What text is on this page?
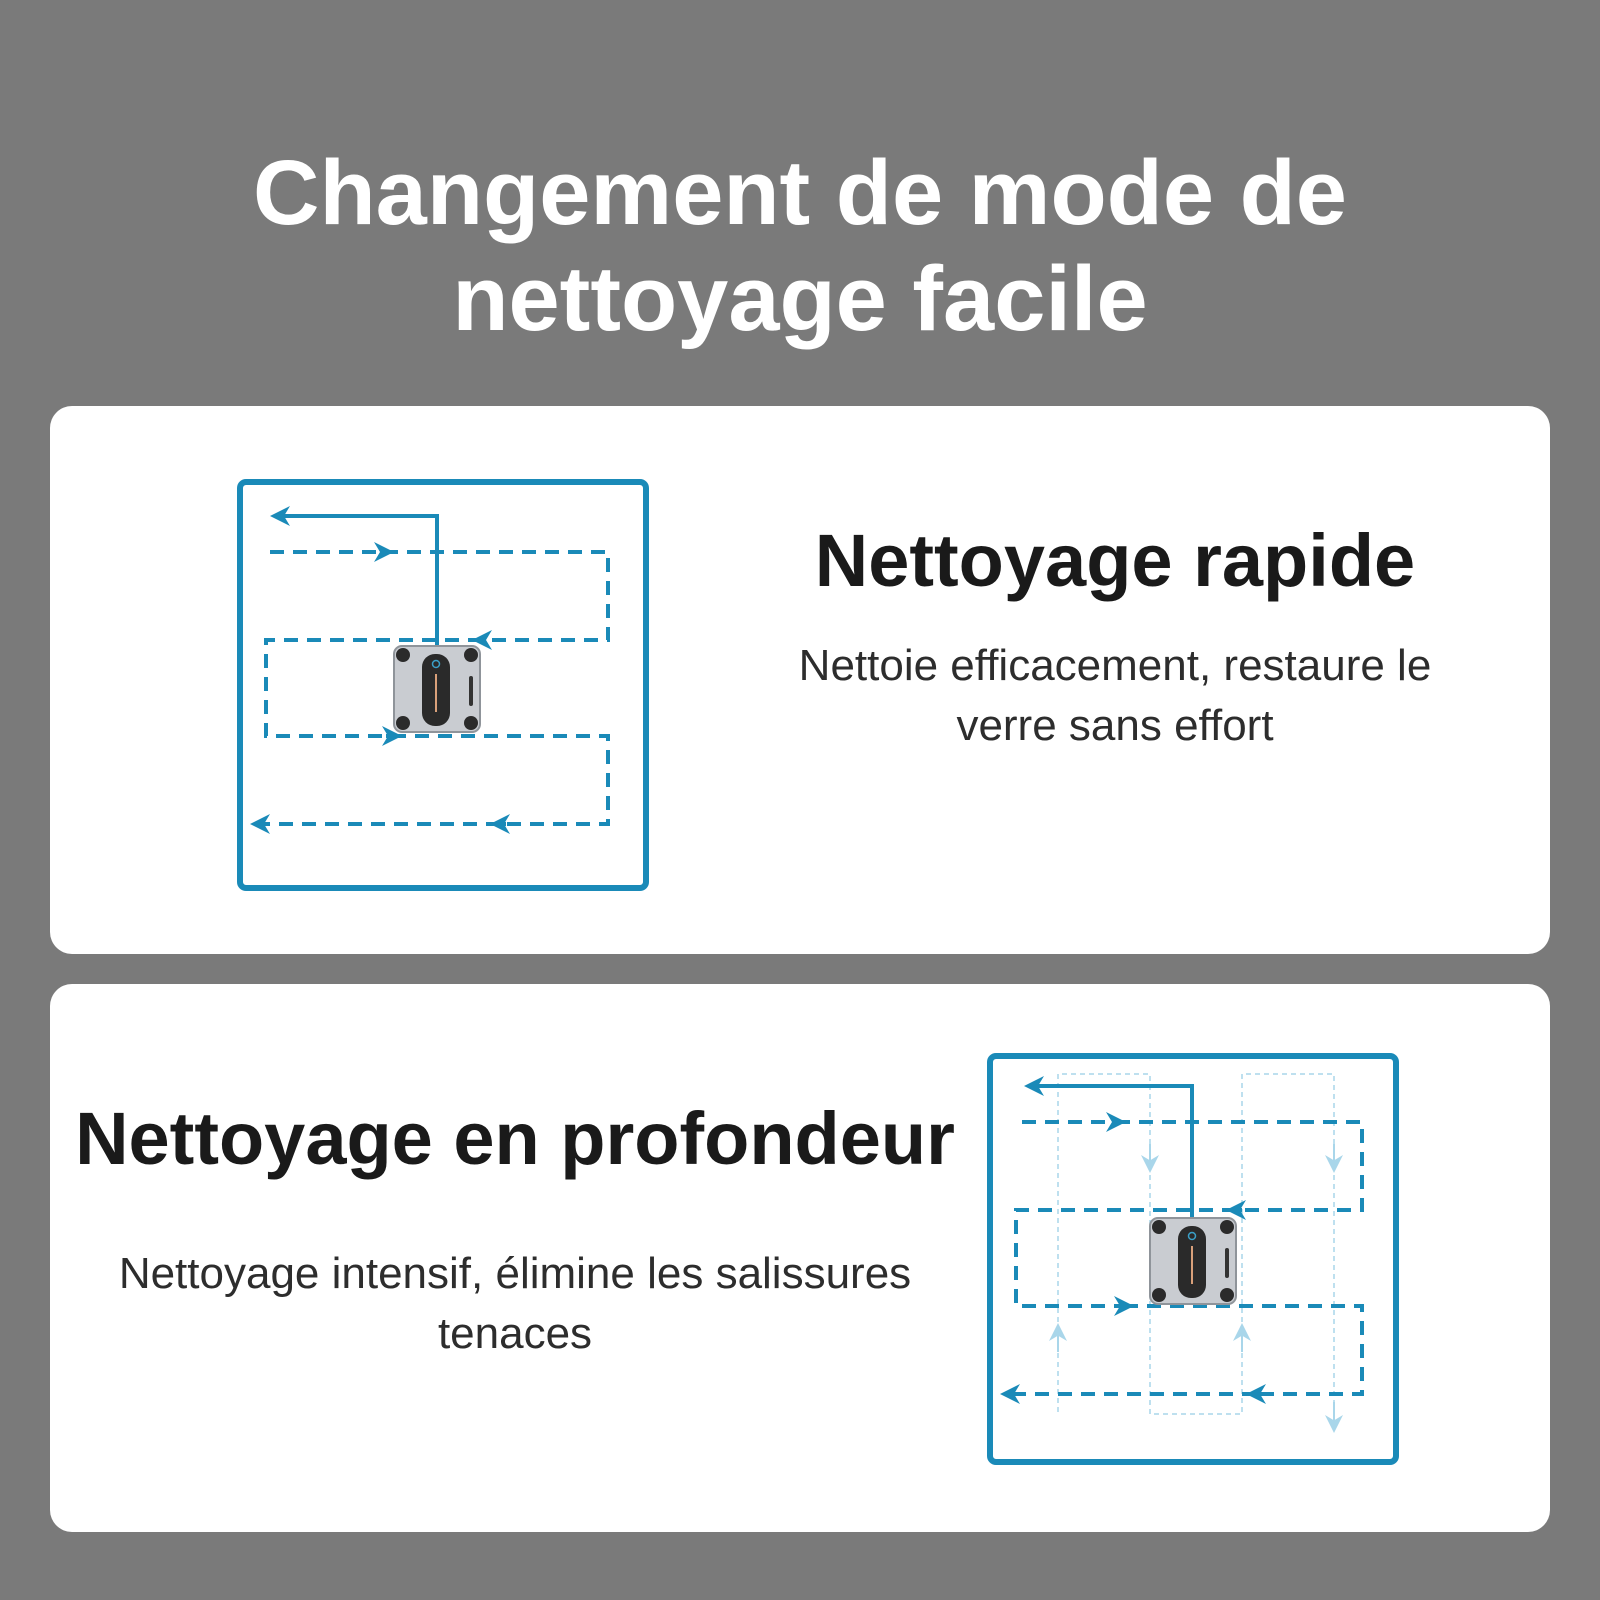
Changement de mode de
nettoyage facile
Nettoyage rapide

Nettoie efficacement, restaure le verre sans effort

Nettoyage en profondeur

Nettoyage intensif, élimine les salissures tenaces
